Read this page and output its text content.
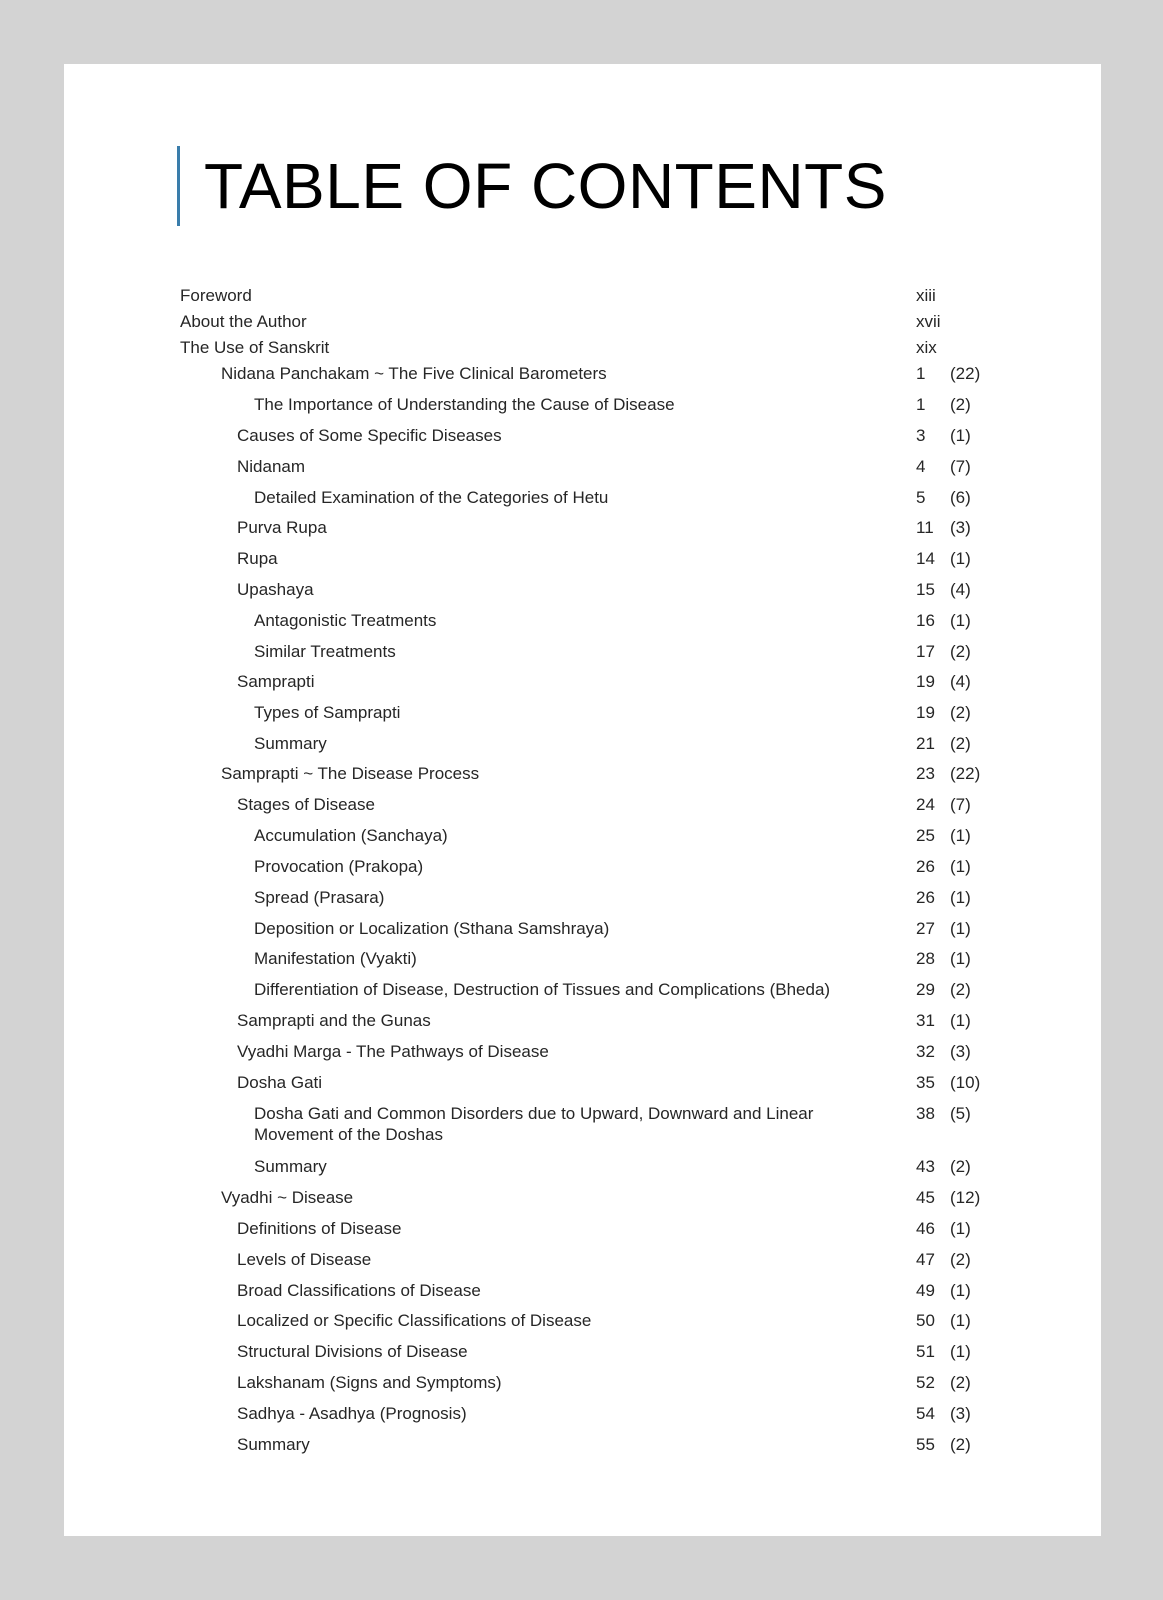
TABLE OF CONTENTS
Foreword	xiii
About the Author	xvii
The Use of Sanskrit	xix
Nidana Panchakam ~ The Five Clinical Barometers	1	(22)
The Importance of Understanding the Cause of Disease	1	(2)
Causes of Some Specific Diseases	3	(1)
Nidanam	4	(7)
Detailed Examination of the Categories of Hetu	5	(6)
Purva Rupa	11 (3)
Rupa	14 (1)
Upashaya	15 (4)
Antagonistic Treatments	16 (1)
Similar Treatments	17 (2)
Samprapti	19 (4)
Types of Samprapti	19 (2)
Summary	21 (2)
Samprapti ~ The Disease Process	23 (22)
Stages of Disease	24 (7)
Accumulation (Sanchaya)	25 (1)
Provocation (Prakopa)	26 (1)
Spread (Prasara)	26 (1)
Deposition or Localization (Sthana Samshraya)	27 (1)
Manifestation (Vyakti)	28 (1)
Differentiation of Disease, Destruction of Tissues and Complications (Bheda)	29 (2)
Samprapti and the Gunas	31 (1)
Vyadhi Marga - The Pathways of Disease	32 (3)
Dosha Gati	35 (10)
Dosha Gati and Common Disorders due to Upward, Downward and Linear
Movement of the Doshas
38 (5)
Summary	43 (2)
Vyadhi ~ Disease	45 (12)
Definitions of Disease	46 (1)
Levels of Disease	47 (2)
Broad Classifications of Disease	49 (1)
Localized or Specific Classifications of Disease	50 (1)
Structural Divisions of Disease	51 (1)
Lakshanam (Signs and Symptoms)	52 (2)
Sadhya - Asadhya (Prognosis)	54 (3)
Summary	55 (2)
